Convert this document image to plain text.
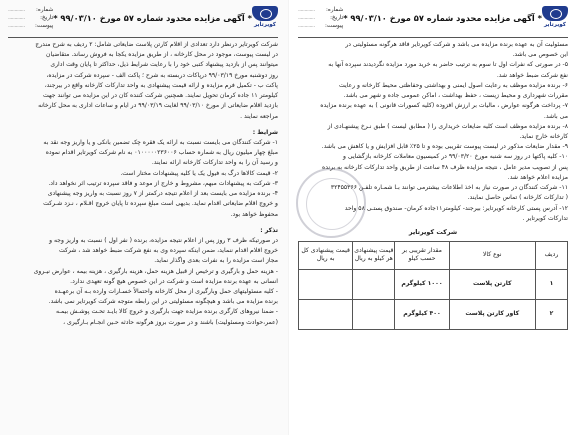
کویرتایر
* آگهی مزایده محدود شماره ۵۷ مورخ ۹۹/۰۳/۱۰ *
شماره:
.............
تاریخ:
.............
پیوست:
.............

مسئولیت آن به عهده برنده مزایده می باشد و شرکت کویرتایر فاقد هرگونه مسئولیتی در

این خصوص می باشد.

۵- در صورتی که نفرات اول تا سوم به ترتیب حاضر به خرید مورد مزایده نگردیدند سپرده آنها به

نفع شرکت ضبط خواهد شد.

۶- برنده مزایده موظف به رعایت اصول ایمنی و بهداشتی وحفاظتی محیط کارخانه و رعایت

مقررات شهرداری و محیط زیست ، حفظ بهداشت ، اماکن عمومی جاده و شهر می باشد.

۷- پرداخت هرگونه عوارض ، مالیات بر ارزش افزوده (کلیه کسورات قانونی ) به عهده برنده مزایده

می باشد.

۸- برنده مزایده موظف است کلیه ضایعات خریداری را ( مطابق لیست ) طبق نـرخ پیشنهـادی از

کارخانه خارج نماید.

۹- مقدار ضایعات مذکور در لیست پیوست تقریبی بوده و تا ۲۵٪ قابل افزایش و یا کاهش می باشد.

۱۰- کلیه پاکتها در روز سه شنبه مورخ ۹۹/۰۳/۲۰ در کمیسیون معاملات کارخانه بازگشایی و

پس از تصویب مدیر عامل ، نتیجه مزایده ظرف ۴۸ ساعت از طریق واحد تدارکات کارخانه به برنده

مزایده اعلام خواهد شد.

۱۱- شرکت کنندگان در صورت نیاز به اخذ اطلاعات بیشترمی توانند بـا شمـاره تلفـن ۳۲۴۵۵۳۶۶

( تدارکات کارخانه ) تماس حاصل نمایند.

۱۲- آدرس پستی کارخانه کویرتایر: بیرجند- کیلومتر۱۱جاده کرمان- صندوق پستـی ۵۸ واحد

تدارکات کویرتایر .

شرکت کویرتایر
ردیف	نوع کالا	مقدار تقریبی بر حسب کیلو	قیمت پیشنهادی هر کیلو به ریال	قیمت پیشنهادی کل به ریال
۱	کارتن پلاست	۱۰۰۰ کیلوگرم		
۲	کاور کارتن پلاست	۴۰۰ کیلوگرم		
کویرتایر
* آگهی مزایده محدود شماره ۵۷ مورخ ۹۹/۰۳/۱۰ *
شماره:
.............
تاریخ:
.............
پیوست:
.............

شرکت کویرتایر درنظر دارد تعدادی از اقلام کارتن پلاست ضایعاتی شامل: ۲ ردیف به شرح مندرج

در لیست پیوست، موجود در محل کارخانه ، از طریق مزایده یکجا به فروش رساند. متقاضیان

میتوانند پس از بازدید پیشنهاد کتبی خود را با رعایت شرایط ذیل، حداکثر تا پایان وقت اداری

روز دوشنبه مورخ ۹۹/۰۳/۱۹ درپاکات دربسته به شرح ؛ پاکت الف - سپرده شرکت در مزایده،

پاکت ب - تکمیل فرم مزایده و ارائه قیمت پیشنهادی به واحد تدارکات کارخانه واقع در بیرجند،

کیلومتر ۱۱ جاده کرمان تحویل نمایند. همچنین شرکت کننده کان در این مزایده می توانند جهت

بازدید اقلام ضایعاتی از مورخ ۹۹/۰۳/۱۰ لغایت ۹۹/۰۳/۱۹ در ایام و ساعات اداری به محل کارخانه

مراجعه نمایند .

شرایط :

۱- شرکت کنندگان می بایست نسبت به ارائه یک فقره چک تضمین بانکی و یا واریز وجه نقد به

مبلغ چهار میلیون ریال به شماره حساب ۰۱۰۰۰۰۰۲۳۶۰۰۶ به نام شرکت کویرتایر اقدام نموده

و رسید آن را به واحد تدارکات کارخانه ارائه نمایند.

۲- قیمت کالاها درگ به فیول یک یا کلیه پیشنهادات مختار است.

۳- شرکت به پیشنهادات مبهم، مشروط و خارج از موعد و فاقد سپرده ترتیب اثر نخواهد داد.

۴- برنده مزایده می بایست بعد از اعلام نتیجه درکمتر از ۷ روز نسبت به واریز وجه پیشنهادی

و خروج اقلام ضایعاتی اقدام نماید. بدیهی است مبلغ سپرده تا پایان خروج اقـلام ، نـزد شـرکت

محفوظ خواهد بود.

تذکر :

در صورتیکه ظرف ۳ روز پس از اعلام نتیجه مزایده، برنده ( نفر اول ) نسبت به واریز وجه و

خروج اقلام اقدام ننماید، ضمن اینکه سپرده وی به نفع شرکت ضبط خواهد شد ، شرکت

مجاز است مزایده را به نفرات بعدی واگذار نماید.

- هزینه حمل و بارگیری و ترخیص از قبیل هزینه حمل، هزینه بارگیری ، هزینه بیمه ، عوارض نیـروی

انسانی به عهده برنده مزایده است و شرکت در این خصوص هیچ گونه تعهدی ندارد.

- کلیه مسئولیتهای حمل وبارگیری از محل کارخانه واحتمالاً خسـارات وارده بـه آن برعهـده

برنده مزایده می باشد و هیچگونه مسئولیتی در این رابطه متوجه شرکت کویرتایر نمی باشد.

- ضمنا نیروهای کارگری برنده مزایده جهت بارگیری و خروج کالا بایـد تحـت پوشـش بیمـه

(عمر،حوادث ومسئولیت) باشند و در صورت بروز هرگونه حادثه حـین انجـام بـارگیری ،
